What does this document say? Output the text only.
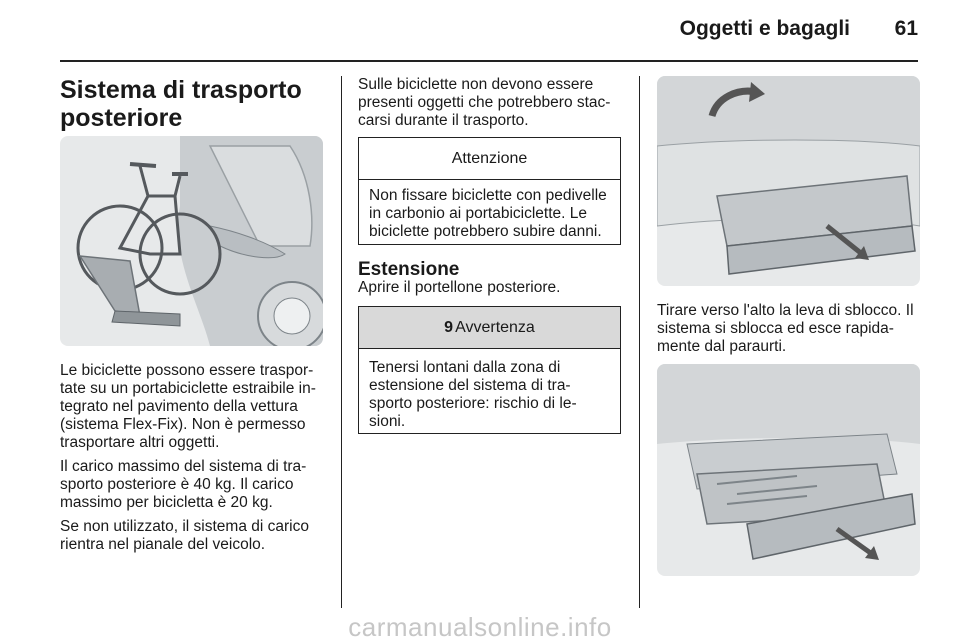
Oggetti e bagagli 61
Sistema di trasporto posteriore

Le biciclette possono essere traspor-tate su un portabiciclette estraibile in-tegrato nel pavimento della vettura (sistema Flex-Fix). Non è permesso trasportare altri oggetti.

Il carico massimo del sistema di tra-sporto posteriore è 40 kg. Il carico massimo per bicicletta è 20 kg.

Se non utilizzato, il sistema di carico rientra nel pianale del veicolo.

Sulle biciclette non devono essere presenti oggetti che potrebbero stac-carsi durante il trasporto.

Attenzione
Non fissare biciclette con pedivelle in carbonio ai portabiciclette. Le biciclette potrebbero subire danni.
Estensione

Aprire il portellone posteriore.

9 Avvertenza
Tenersi lontani dalla zona di estensione del sistema di tra-sporto posteriore: rischio di le-sioni.

Tirare verso l'alto la leva di sblocco. Il sistema si sblocca ed esce rapida-mente dal paraurti.

carmanualsonline.info
